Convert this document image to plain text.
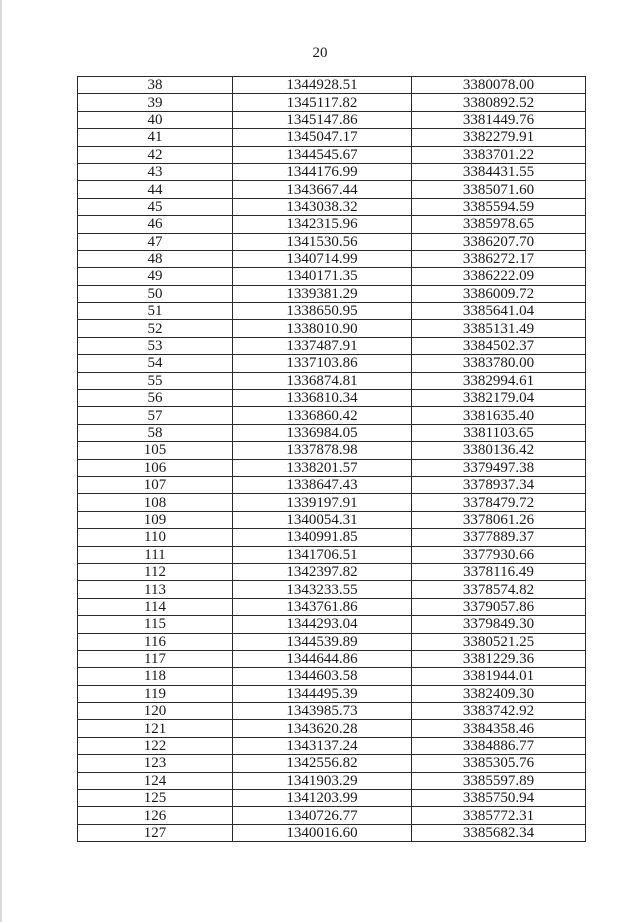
20
38	1344928.51	3380078.00
39	1345117.82	3380892.52
40	1345147.86	3381449.76
41	1345047.17	3382279.91
42	1344545.67	3383701.22
43	1344176.99	3384431.55
44	1343667.44	3385071.60
45	1343038.32	3385594.59
46	1342315.96	3385978.65
47	1341530.56	3386207.70
48	1340714.99	3386272.17
49	1340171.35	3386222.09
50	1339381.29	3386009.72
51	1338650.95	3385641.04
52	1338010.90	3385131.49
53	1337487.91	3384502.37
54	1337103.86	3383780.00
55	1336874.81	3382994.61
56	1336810.34	3382179.04
57	1336860.42	3381635.40
58	1336984.05	3381103.65
105	1337878.98	3380136.42
106	1338201.57	3379497.38
107	1338647.43	3378937.34
108	1339197.91	3378479.72
109	1340054.31	3378061.26
110	1340991.85	3377889.37
111	1341706.51	3377930.66
112	1342397.82	3378116.49
113	1343233.55	3378574.82
114	1343761.86	3379057.86
115	1344293.04	3379849.30
116	1344539.89	3380521.25
117	1344644.86	3381229.36
118	1344603.58	3381944.01
119	1344495.39	3382409.30
120	1343985.73	3383742.92
121	1343620.28	3384358.46
122	1343137.24	3384886.77
123	1342556.82	3385305.76
124	1341903.29	3385597.89
125	1341203.99	3385750.94
126	1340726.77	3385772.31
127	1340016.60	3385682.34
